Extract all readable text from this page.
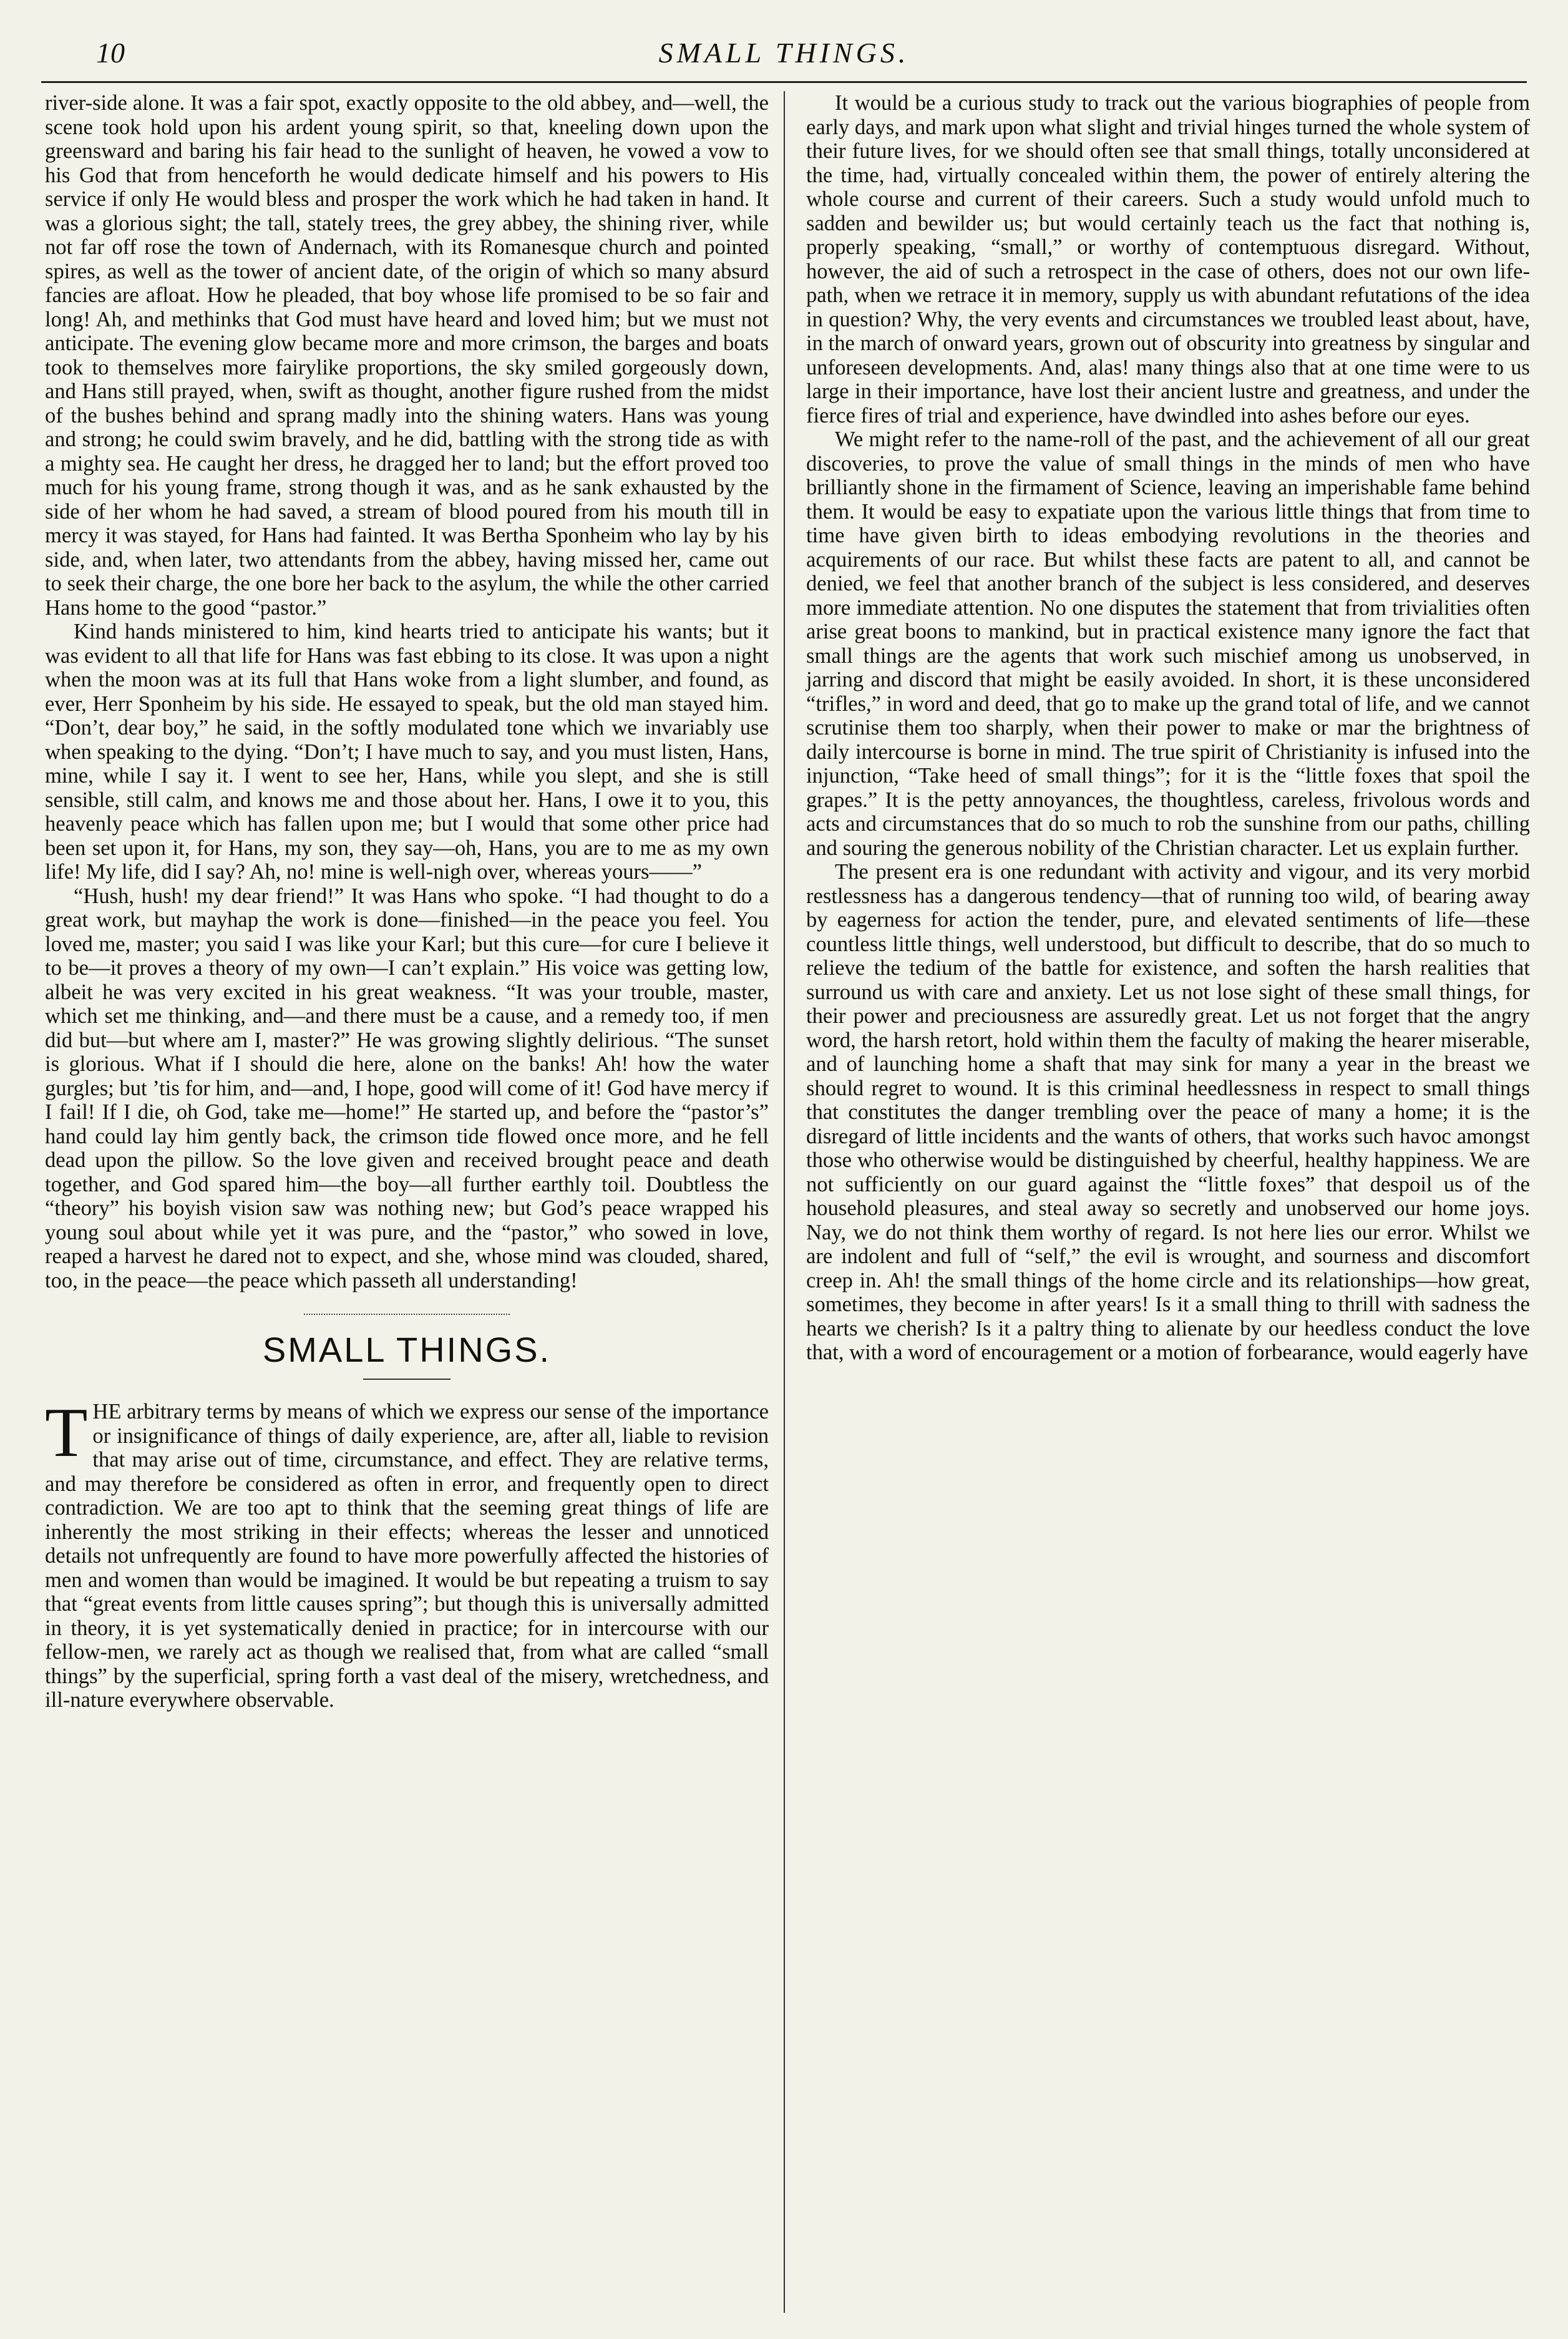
10	SMALL THINGS.

river-side alone. It was a fair spot, exactly opposite to the old abbey, and—well, the scene took hold upon his ardent young spirit, so that, kneeling down upon the greensward and baring his fair head to the sunlight of heaven, he vowed a vow to his God that from henceforth he would dedicate himself and his powers to His service if only He would bless and prosper the work which he had taken in hand. It was a glorious sight; the tall, stately trees, the grey abbey, the shining river, while not far off rose the town of Andernach, with its Romanesque church and pointed spires, as well as the tower of ancient date, of the origin of which so many absurd fancies are afloat. How he pleaded, that boy whose life promised to be so fair and long! Ah, and methinks that God must have heard and loved him; but we must not anticipate. The evening glow became more and more crimson, the barges and boats took to themselves more fairylike proportions, the sky smiled gorgeously down, and Hans still prayed, when, swift as thought, another figure rushed from the midst of the bushes behind and sprang madly into the shining waters. Hans was young and strong; he could swim bravely, and he did, battling with the strong tide as with a mighty sea. He caught her dress, he dragged her to land; but the effort proved too much for his young frame, strong though it was, and as he sank exhausted by the side of her whom he had saved, a stream of blood poured from his mouth till in mercy it was stayed, for Hans had fainted. It was Bertha Sponheim who lay by his side, and, when later, two attendants from the abbey, having missed her, came out to seek their charge, the one bore her back to the asylum, the while the other carried Hans home to the good “pastor.”

Kind hands ministered to him, kind hearts tried to anticipate his wants; but it was evident to all that life for Hans was fast ebbing to its close. It was upon a night when the moon was at its full that Hans woke from a light slumber, and found, as ever, Herr Sponheim by his side. He essayed to speak, but the old man stayed him. “Don’t, dear boy,” he said, in the softly modulated tone which we invariably use when speaking to the dying. “Don’t; I have much to say, and you must listen, Hans, mine, while I say it. I went to see her, Hans, while you slept, and she is still sensible, still calm, and knows me and those about her. Hans, I owe it to you, this heavenly peace which has fallen upon me; but I would that some other price had been set upon it, for Hans, my son, they say—oh, Hans, you are to me as my own life! My life, did I say? Ah, no! mine is well-nigh over, whereas yours——”

“Hush, hush! my dear friend!” It was Hans who spoke. “I had thought to do a great work, but mayhap the work is done—finished—in the peace you feel. You loved me, master; you said I was like your Karl; but this cure—for cure I believe it to be—it proves a theory of my own—I can’t explain.” His voice was getting low, albeit he was very excited in his great weakness. “It was your trouble, master, which set me thinking, and—and there must be a cause, and a remedy too, if men did but—but where am I, master?” He was growing slightly delirious. “The sunset is glorious. What if I should die here, alone on the banks! Ah! how the water gurgles; but ’tis for him, and—and, I hope, good will come of it! God have mercy if I fail! If I die, oh God, take me—home!” He started up, and before the “pastor’s” hand could lay him gently back, the crimson tide flowed once more, and he fell dead upon the pillow. So the love given and received brought peace and death together, and God spared him—the boy—all further earthly toil. Doubtless the “theory” his boyish vision saw was nothing new; but God’s peace wrapped his young soul about while yet it was pure, and the “pastor,” who sowed in love, reaped a harvest he dared not to expect, and she, whose mind was clouded, shared, too, in the peace—the peace which passeth all understanding!

SMALL THINGS.

THE arbitrary terms by means of which we express our sense of the importance or insignificance of things of daily experience, are, after all, liable to revision that may arise out of time, circumstance, and effect. They are relative terms, and may therefore be considered as often in error, and frequently open to direct contradiction. We are too apt to think that the seeming great things of life are inherently the most striking in their effects; whereas the lesser and unnoticed details not unfrequently are found to have more powerfully affected the histories of men and women than would be imagined. It would be but repeating a truism to say that “great events from little causes spring”; but though this is universally admitted in theory, it is yet systematically denied in practice; for in intercourse with our fellow-men, we rarely act as though we realised that, from what are called “small things” by the superficial, spring forth a vast deal of the misery, wretchedness, and ill-nature everywhere observable.

It would be a curious study to track out the various biographies of people from early days, and mark upon what slight and trivial hinges turned the whole system of their future lives, for we should often see that small things, totally unconsidered at the time, had, virtually concealed within them, the power of entirely altering the whole course and current of their careers. Such a study would unfold much to sadden and bewilder us; but would certainly teach us the fact that nothing is, properly speaking, “small,” or worthy of contemptuous disregard. Without, however, the aid of such a retrospect in the case of others, does not our own life-path, when we retrace it in memory, supply us with abundant refutations of the idea in question? Why, the very events and circumstances we troubled least about, have, in the march of onward years, grown out of obscurity into greatness by singular and unforeseen developments. And, alas! many things also that at one time were to us large in their importance, have lost their ancient lustre and greatness, and under the fierce fires of trial and experience, have dwindled into ashes before our eyes.

We might refer to the name-roll of the past, and the achievement of all our great discoveries, to prove the value of small things in the minds of men who have brilliantly shone in the firmament of Science, leaving an imperishable fame behind them. It would be easy to expatiate upon the various little things that from time to time have given birth to ideas embodying revolutions in the theories and acquirements of our race. But whilst these facts are patent to all, and cannot be denied, we feel that another branch of the subject is less considered, and deserves more immediate attention. No one disputes the statement that from trivialities often arise great boons to mankind, but in practical existence many ignore the fact that small things are the agents that work such mischief among us unobserved, in jarring and discord that might be easily avoided. In short, it is these unconsidered “trifles,” in word and deed, that go to make up the grand total of life, and we cannot scrutinise them too sharply, when their power to make or mar the brightness of daily intercourse is borne in mind. The true spirit of Christianity is infused into the injunction, “Take heed of small things”; for it is the “little foxes that spoil the grapes.” It is the petty annoyances, the thoughtless, careless, frivolous words and acts and circumstances that do so much to rob the sunshine from our paths, chilling and souring the generous nobility of the Christian character. Let us explain further.

The present era is one redundant with activity and vigour, and its very morbid restlessness has a dangerous tendency—that of running too wild, of bearing away by eagerness for action the tender, pure, and elevated sentiments of life—these countless little things, well understood, but difficult to describe, that do so much to relieve the tedium of the battle for existence, and soften the harsh realities that surround us with care and anxiety. Let us not lose sight of these small things, for their power and preciousness are assuredly great. Let us not forget that the angry word, the harsh retort, hold within them the faculty of making the hearer miserable, and of launching home a shaft that may sink for many a year in the breast we should regret to wound. It is this criminal heedlessness in respect to small things that constitutes the danger trembling over the peace of many a home; it is the disregard of little incidents and the wants of others, that works such havoc amongst those who otherwise would be distinguished by cheerful, healthy happiness. We are not sufficiently on our guard against the “little foxes” that despoil us of the household pleasures, and steal away so secretly and unobserved our home joys. Nay, we do not think them worthy of regard. Is not here lies our error. Whilst we are indolent and full of “self,” the evil is wrought, and sourness and discomfort creep in. Ah! the small things of the home circle and its relationships—how great, sometimes, they become in after years! Is it a small thing to thrill with sadness the hearts we cherish? Is it a paltry thing to alienate by our heedless conduct the love that, with a word of encouragement or a motion of forbearance, would eagerly have
